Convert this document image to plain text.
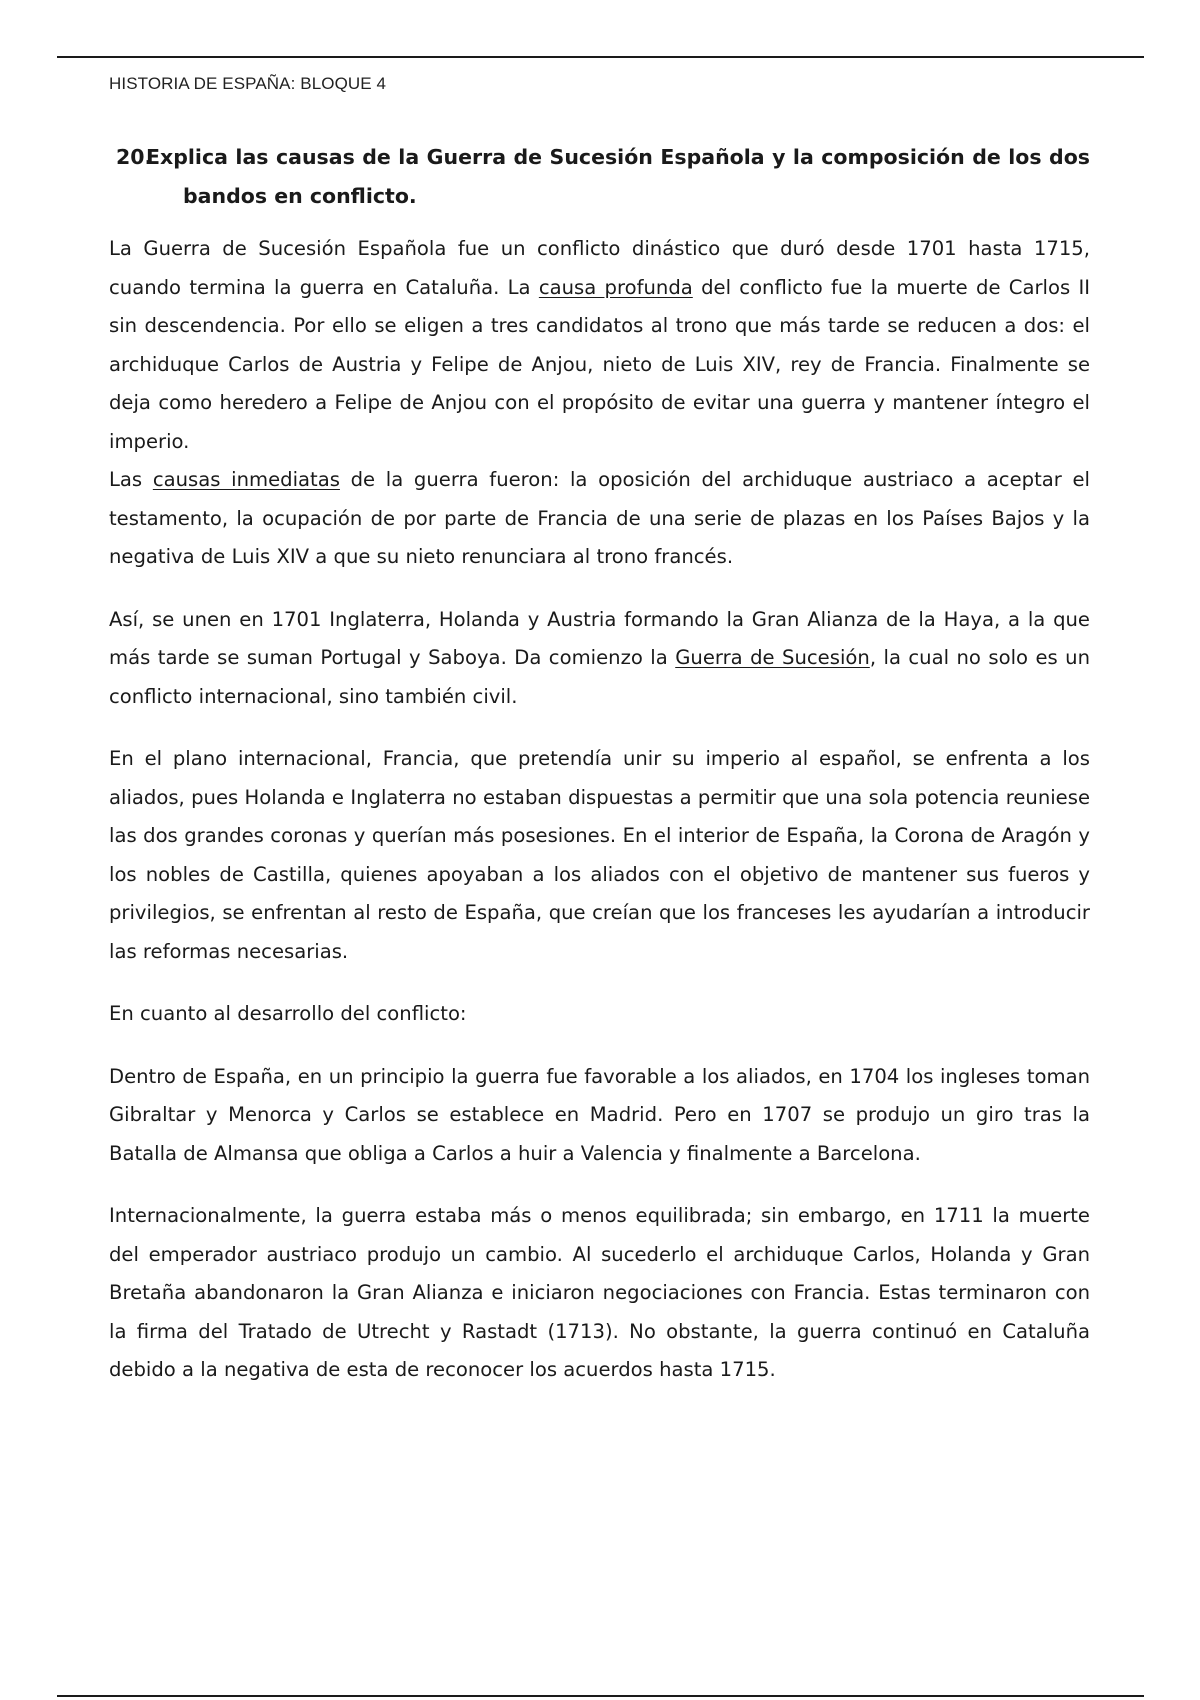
HISTORIA DE ESPAÑA: BLOQUE 4
20.
Explica las causas de la Guerra de Sucesión Española y la composición de los dos bandos en conflicto.

La Guerra de Sucesión Española fue un conflicto dinástico que duró desde 1701 hasta 1715, cuando termina la guerra en Cataluña. La causa profunda del conflicto fue la muerte de Carlos II sin descendencia. Por ello se eligen a tres candidatos al trono que más tarde se reducen a dos: el archiduque Carlos de Austria y Felipe de Anjou, nieto de Luis XIV, rey de Francia. Finalmente se deja como heredero a Felipe de Anjou con el propósito de evitar una guerra y mantener íntegro el imperio.

Las causas inmediatas de la guerra fueron: la oposición del archiduque austriaco a aceptar el testamento, la ocupación de por parte de Francia de una serie de plazas en los Países Bajos y la negativa de Luis XIV a que su nieto renunciara al trono francés.

Así, se unen en 1701 Inglaterra, Holanda y Austria formando la Gran Alianza de la Haya, a la que más tarde se suman Portugal y Saboya. Da comienzo la Guerra de Sucesión, la cual no solo es un conflicto internacional, sino también civil.

En el plano internacional, Francia, que pretendía unir su imperio al español, se enfrenta a los aliados, pues Holanda e Inglaterra no estaban dispuestas a permitir que una sola potencia reuniese las dos grandes coronas y querían más posesiones. En el interior de España, la Corona de Aragón y los nobles de Castilla, quienes apoyaban a los aliados con el objetivo de mantener sus fueros y privilegios, se enfrentan al resto de España, que creían que los franceses les ayudarían a introducir las reformas necesarias.

En cuanto al desarrollo del conflicto:

Dentro de España, en un principio la guerra fue favorable a los aliados, en 1704 los ingleses toman Gibraltar y Menorca y Carlos se establece en Madrid. Pero en 1707 se produjo un giro tras la Batalla de Almansa que obliga a Carlos a huir a Valencia y finalmente a Barcelona.

Internacionalmente, la guerra estaba más o menos equilibrada; sin embargo, en 1711 la muerte del emperador austriaco produjo un cambio. Al sucederlo el archiduque Carlos, Holanda y Gran Bretaña abandonaron la Gran Alianza e iniciaron negociaciones con Francia. Estas terminaron con la firma del Tratado de Utrecht y Rastadt (1713). No obstante, la guerra continuó en Cataluña debido a la negativa de esta de reconocer los acuerdos hasta 1715.
